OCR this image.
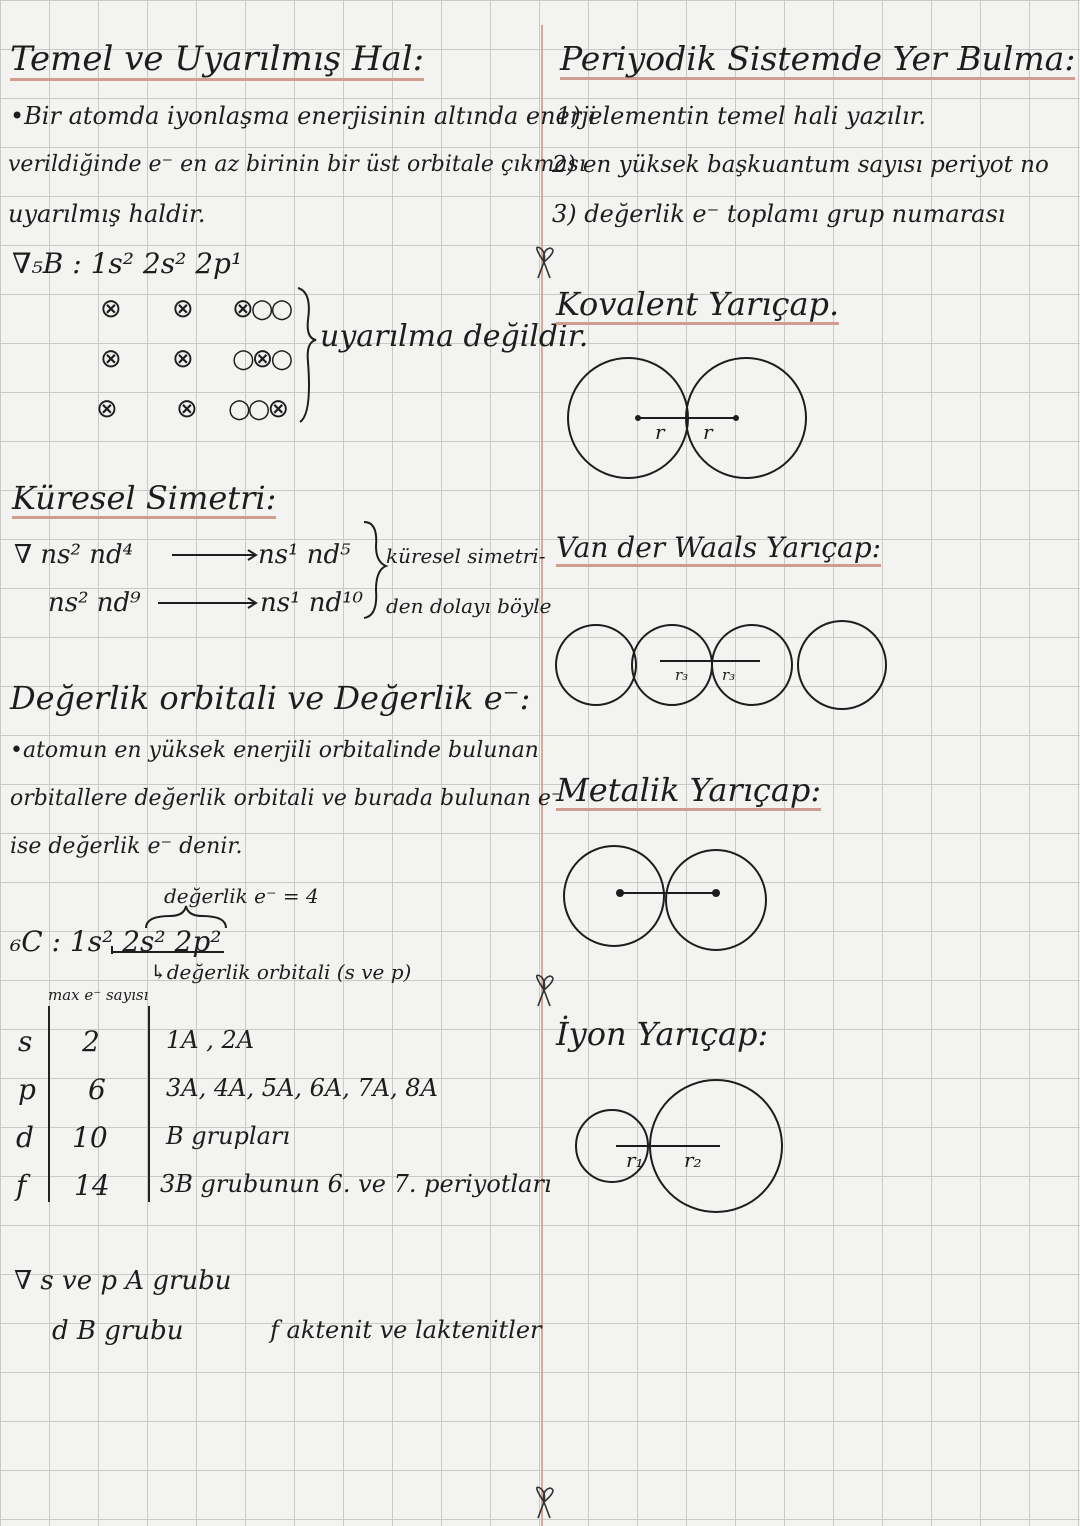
Temel ve Uyarılmış Hal:
•Bir atomda iyonlaşma enerjisinin altında enerji
verildiğinde e⁻ en az birinin bir üst orbitale çıkması
uyarılmış haldir.
∇₅B : 1s² 2s² 2p¹
⊗ ⊗ ⊗○○
⊗ ⊗ ○⊗○
⊗ ⊗ ○○⊗
uyarılma değildir.
Küresel Simetri:
∇ ns² nd⁴	ns¹ nd⁵
ns² nd⁹	ns¹ nd¹⁰
küresel simetri-
den dolayı böyle
Değerlik orbitali ve Değerlik e⁻:
•atomun en yüksek enerjili orbitalinde bulunan
orbitallere değerlik orbitali ve burada bulunan e⁻
ise değerlik e⁻ denir.
değerlik e⁻ = 4
₆C : 1s² 2s² 2p²
↳değerlik orbitali (s ve p)
max e⁻ sayısı
s 2	1A , 2A
p 6	3A, 4A, 5A, 6A, 7A, 8A
d 10 B grupları
f 14 3B grubunun 6. ve 7. periyotları
∇ s ve p A grubu
d B grubu	f aktenit ve laktenitler
Periyodik Sistemde Yer Bulma:
1) elementin temel hali yazılır.
2) en yüksek başkuantum sayısı periyot no
3) değerlik e⁻ toplamı grup numarası
Kovalent Yarıçap.
Van der Waals Yarıçap:
Metalik Yarıçap:
İyon Yarıçap:
r r
r₃ r₃
r₁ r₂
